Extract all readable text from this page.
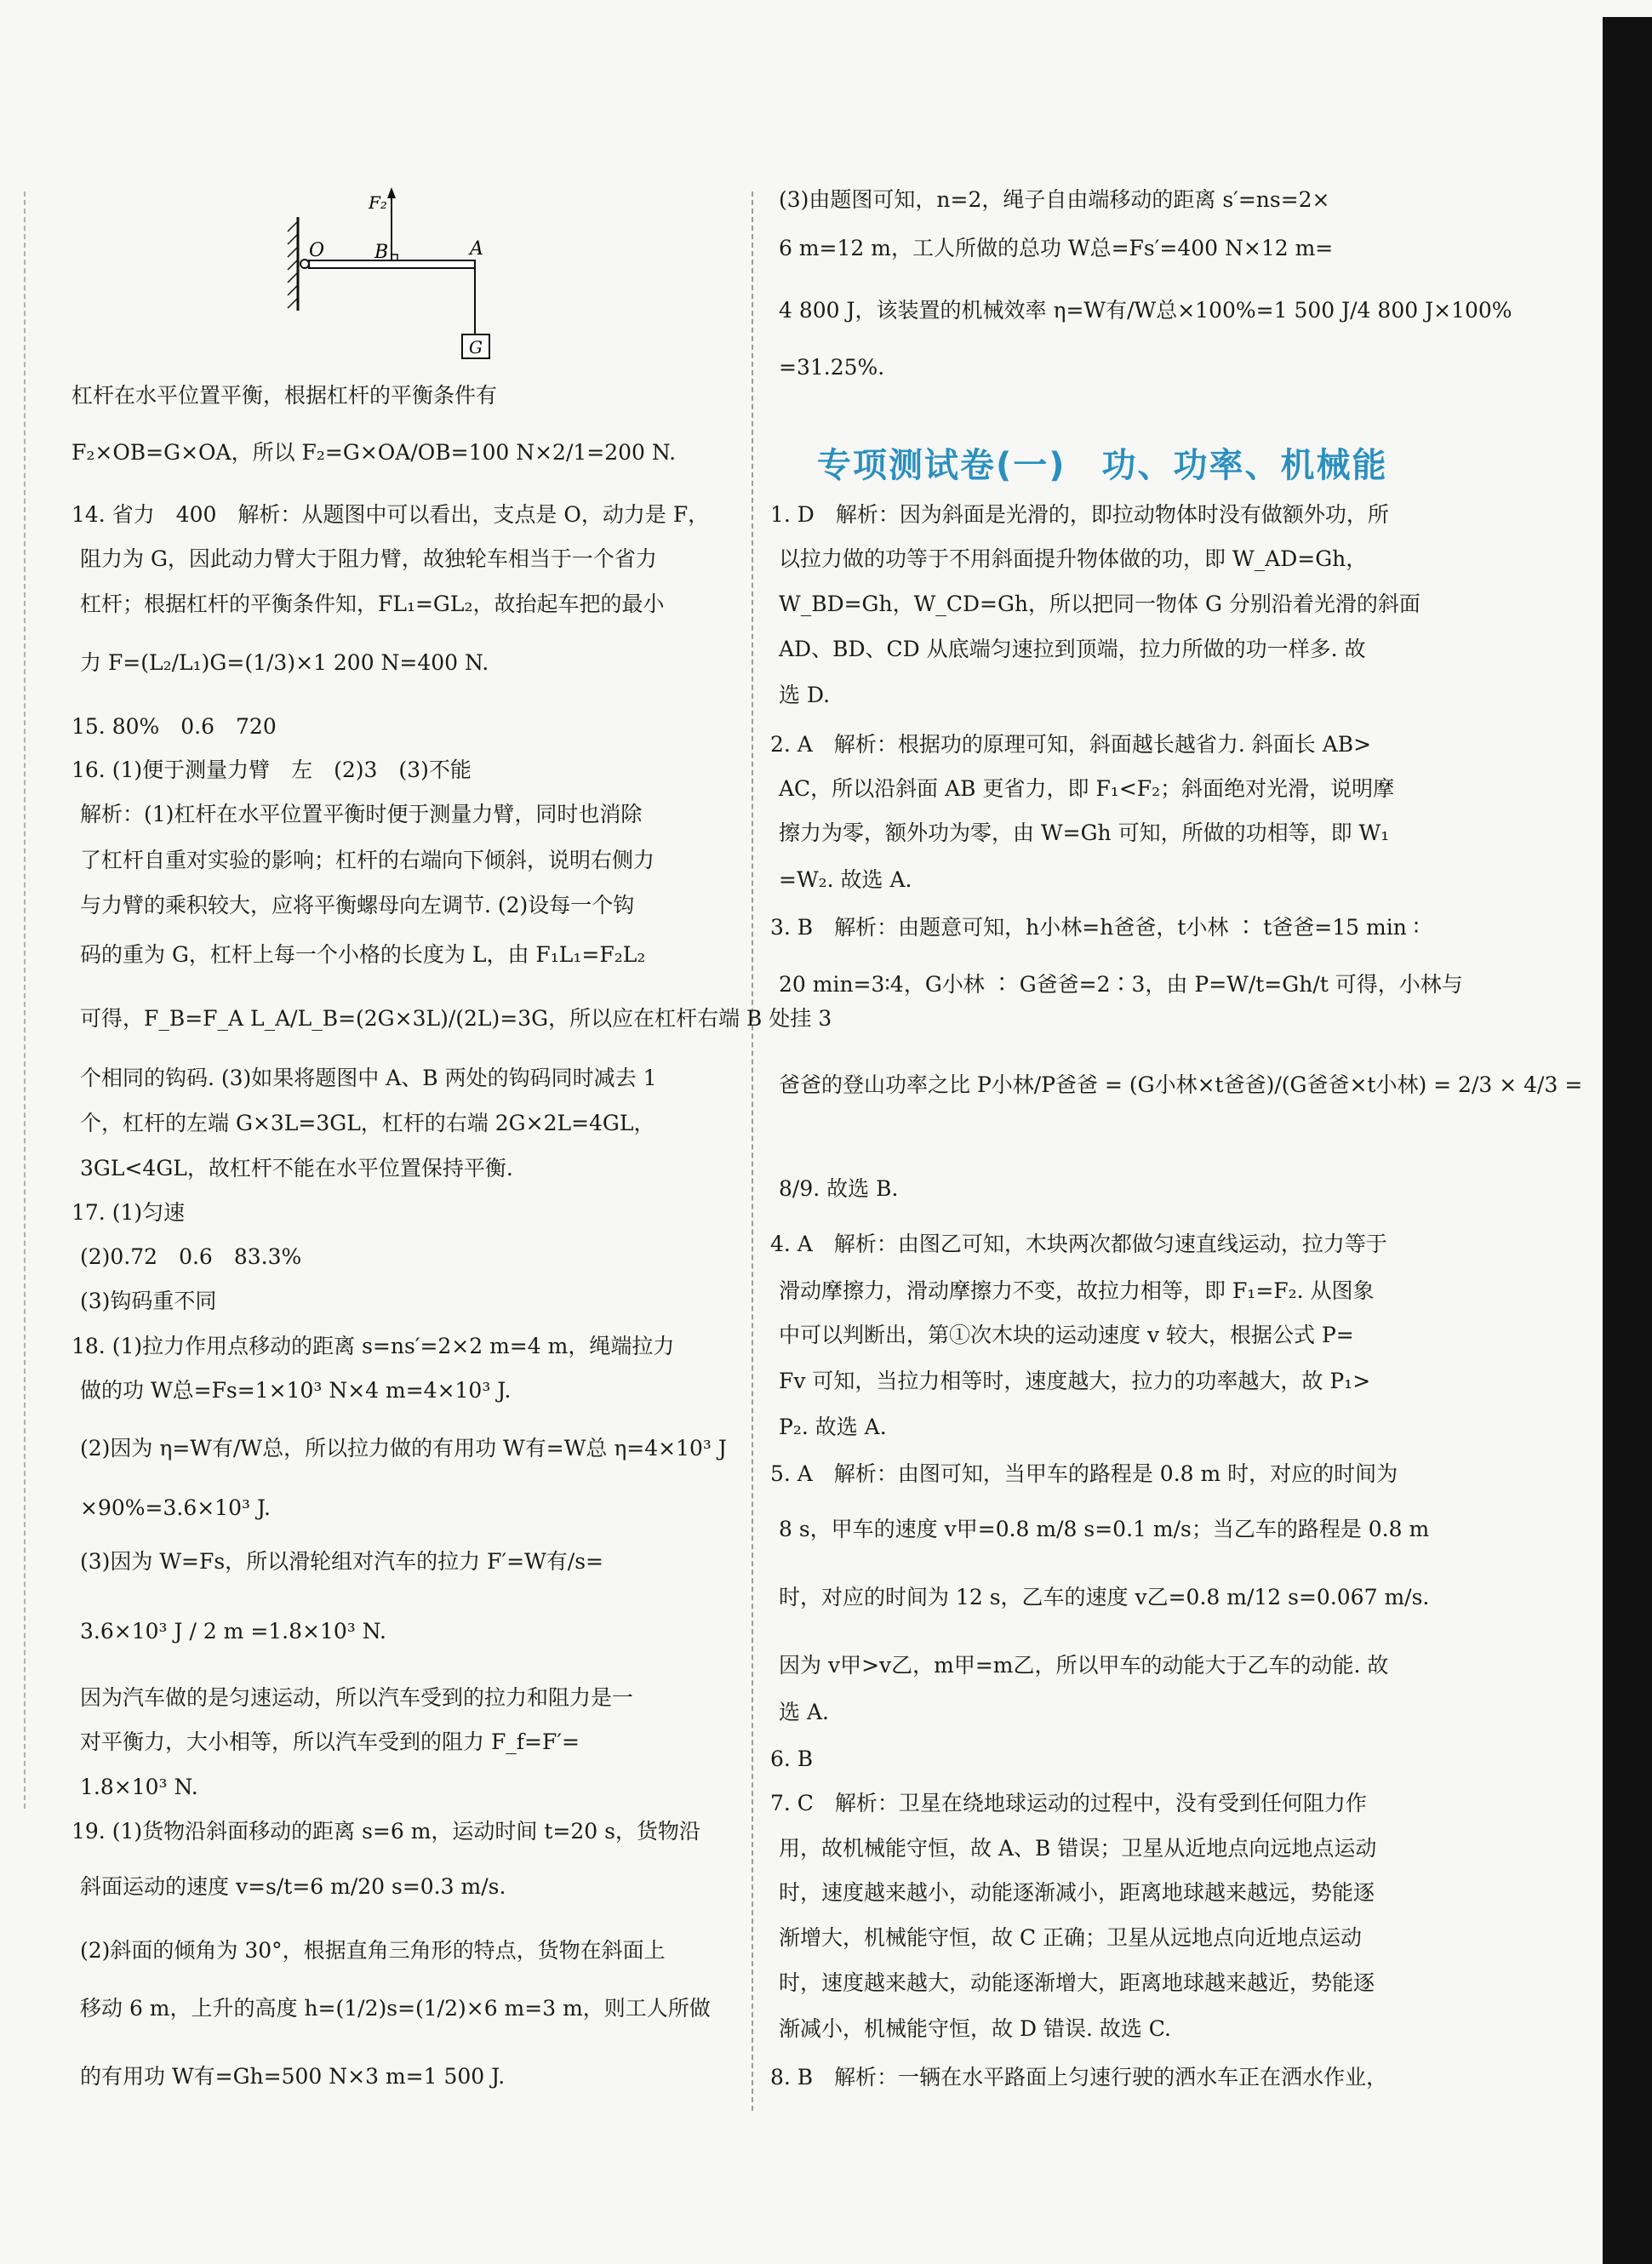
F₂
O	B	A
G
杠杆在水平位置平衡，根据杠杆的平衡条件有
F₂×OB=G×OA，所以 F₂=G×OA/OB=100 N×2/1=200 N.
14. 省力　400　解析：从题图中可以看出，支点是 O，动力是 F，
阻力为 G，因此动力臂大于阻力臂，故独轮车相当于一个省力
杠杆；根据杠杆的平衡条件知，FL₁=GL₂，故抬起车把的最小
力 F=(L₂/L₁)G=(1/3)×1 200 N=400 N.
15. 80%　0.6　720
16. (1)便于测量力臂　左　(2)3　(3)不能
解析：(1)杠杆在水平位置平衡时便于测量力臂，同时也消除
了杠杆自重对实验的影响；杠杆的右端向下倾斜，说明右侧力
与力臂的乘积较大，应将平衡螺母向左调节. (2)设每一个钩
码的重为 G，杠杆上每一个小格的长度为 L，由 F₁L₁=F₂L₂
可得，F_B=F_A L_A/L_B=(2G×3L)/(2L)=3G，所以应在杠杆右端 B 处挂 3
个相同的钩码. (3)如果将题图中 A、B 两处的钩码同时减去 1
个，杠杆的左端 G×3L=3GL，杠杆的右端 2G×2L=4GL，
3GL<4GL，故杠杆不能在水平位置保持平衡.
17. (1)匀速
(2)0.72　0.6　83.3%
(3)钩码重不同
18. (1)拉力作用点移动的距离 s=ns′=2×2 m=4 m，绳端拉力
做的功 W总=Fs=1×10³ N×4 m=4×10³ J.
(2)因为 η=W有/W总，所以拉力做的有用功 W有=W总 η=4×10³ J
×90%=3.6×10³ J.
(3)因为 W=Fs，所以滑轮组对汽车的拉力 F′=W有/s=
3.6×10³ J / 2 m =1.8×10³ N.
因为汽车做的是匀速运动，所以汽车受到的拉力和阻力是一
对平衡力，大小相等，所以汽车受到的阻力 F_f=F′=
1.8×10³ N.
19. (1)货物沿斜面移动的距离 s=6 m，运动时间 t=20 s，货物沿
斜面运动的速度 v=s/t=6 m/20 s=0.3 m/s.
(2)斜面的倾角为 30°，根据直角三角形的特点，货物在斜面上
移动 6 m，上升的高度 h=(1/2)s=(1/2)×6 m=3 m，则工人所做
的有用功 W有=Gh=500 N×3 m=1 500 J.
(3)由题图可知，n=2，绳子自由端移动的距离 s′=ns=2×
6 m=12 m，工人所做的总功 W总=Fs′=400 N×12 m=
4 800 J，该装置的机械效率 η=W有/W总×100%=1 500 J/4 800 J×100%
=31.25%.
专项测试卷(一)　功、功率、机械能
1. D　解析：因为斜面是光滑的，即拉动物体时没有做额外功，所
以拉力做的功等于不用斜面提升物体做的功，即 W_AD=Gh，
W_BD=Gh，W_CD=Gh，所以把同一物体 G 分别沿着光滑的斜面
AD、BD、CD 从底端匀速拉到顶端，拉力所做的功一样多. 故
选 D.
2. A　解析：根据功的原理可知，斜面越长越省力. 斜面长 AB>
AC，所以沿斜面 AB 更省力，即 F₁<F₂；斜面绝对光滑，说明摩
擦力为零，额外功为零，由 W=Gh 可知，所做的功相等，即 W₁
=W₂. 故选 A.
3. B　解析：由题意可知，h小林=h爸爸，t小林 ∶ t爸爸=15 min ∶
20 min=3∶4，G小林 ∶ G爸爸=2∶3，由 P=W/t=Gh/t 可得，小林与
爸爸的登山功率之比 P小林/P爸爸 = (G小林×t爸爸)/(G爸爸×t小林) = 2/3 × 4/3 =
8/9. 故选 B.
4. A　解析：由图乙可知，木块两次都做匀速直线运动，拉力等于
滑动摩擦力，滑动摩擦力不变，故拉力相等，即 F₁=F₂. 从图象
中可以判断出，第①次木块的运动速度 v 较大，根据公式 P=
Fv 可知，当拉力相等时，速度越大，拉力的功率越大，故 P₁>
P₂. 故选 A.
5. A　解析：由图可知，当甲车的路程是 0.8 m 时，对应的时间为
8 s，甲车的速度 v甲=0.8 m/8 s=0.1 m/s；当乙车的路程是 0.8 m
时，对应的时间为 12 s，乙车的速度 v乙=0.8 m/12 s=0.067 m/s.
因为 v甲>v乙，m甲=m乙，所以甲车的动能大于乙车的动能. 故
选 A.
6. B
7. C　解析：卫星在绕地球运动的过程中，没有受到任何阻力作
用，故机械能守恒，故 A、B 错误；卫星从近地点向远地点运动
时，速度越来越小，动能逐渐减小，距离地球越来越远，势能逐
渐增大，机械能守恒，故 C 正确；卫星从远地点向近地点运动
时，速度越来越大，动能逐渐增大，距离地球越来越近，势能逐
渐减小，机械能守恒，故 D 错误. 故选 C.
8. B　解析：一辆在水平路面上匀速行驶的洒水车正在洒水作业，
